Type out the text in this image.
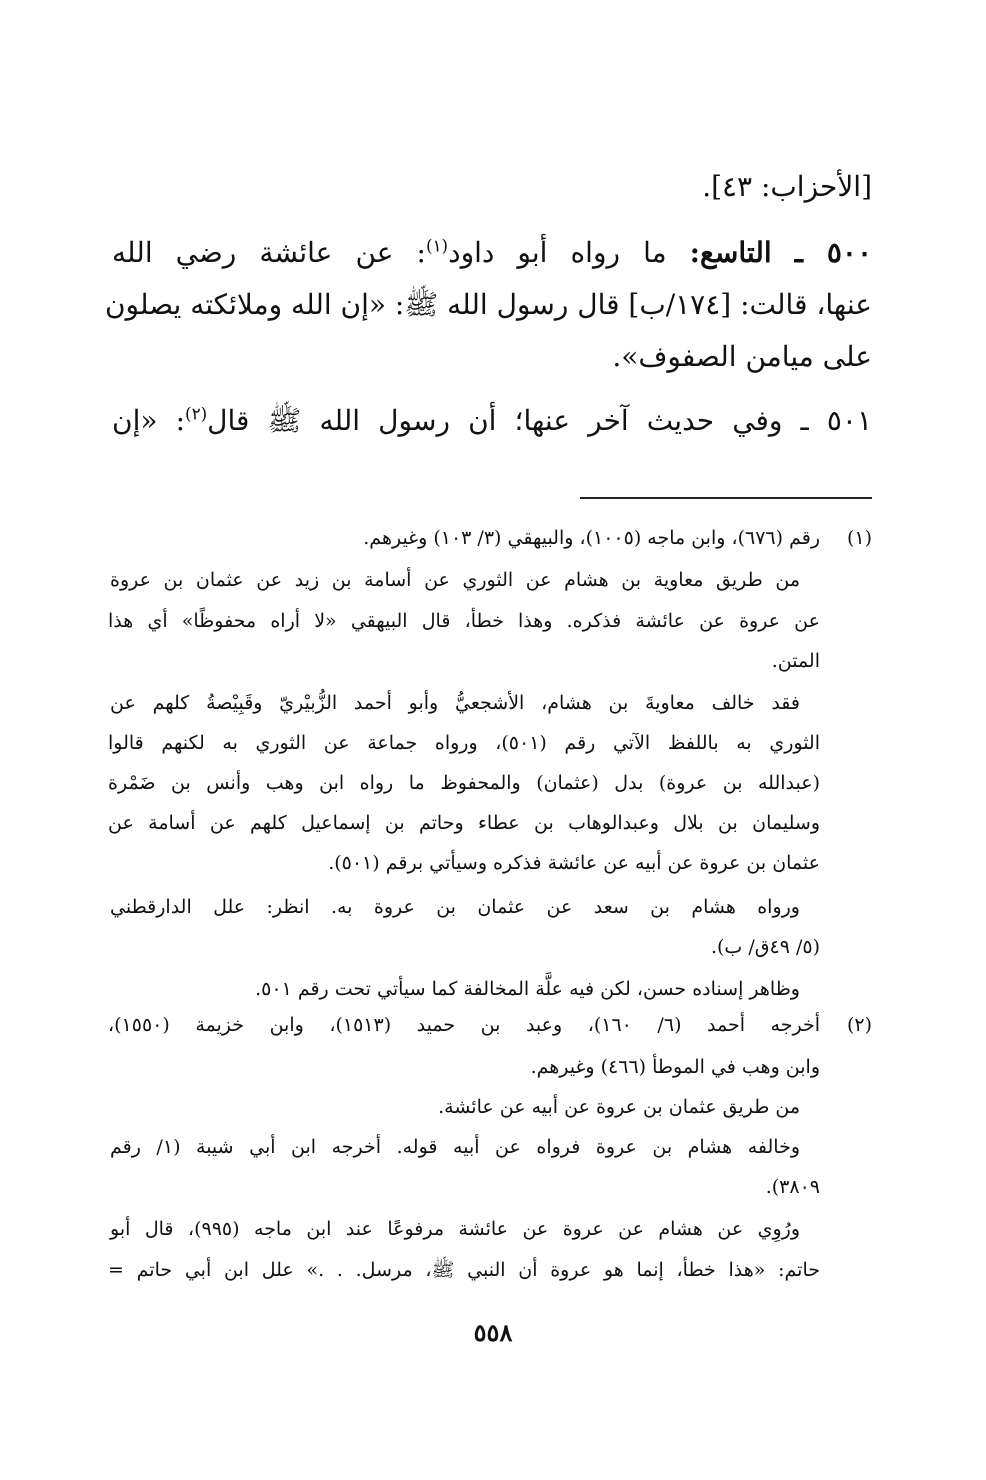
[الأحزاب: ٤٣].
٥٠٠ ـ التاسع: ما رواه أبو داود$^{(١)}$: عن عائشة رضي الله
عنها، قالت: [١٧٤/ب] قال رسول الله ﷺ: «إن الله وملائكته يصلون
على ميامن الصفوف».
٥٠١ ـ وفي حديث آخر عنها؛ أن رسول الله ﷺ قال$^{(٢)}$: «إن
(١)
رقم (٦٧٦)، وابن ماجه (١٠٠٥)، والبيهقي (٣/ ١٠٣) وغيرهم.
من طريق معاوية بن هشام عن الثوري عن أسامة بن زيد عن عثمان بن عروة
عن عروة عن عائشة فذكره. وهذا خطأ، قال البيهقي «لا أراه محفوظًا» أي هذا
المتن.
فقد خالف معاويةَ بن هشام، الأشجعيُّ وأبو أحمد الزُّبيْريّ وقَبِيْصةُ كلهم عن
الثوري به باللفظ الآتي رقم (٥٠١)، ورواه جماعة عن الثوري به لكنهم قالوا
(عبدالله بن عروة) بدل (عثمان) والمحفوظ ما رواه ابن وهب وأنس بن ضَمْرة
وسليمان بن بلال وعبدالوهاب بن عطاء وحاتم بن إسماعيل كلهم عن أسامة عن
عثمان بن عروة عن أبيه عن عائشة فذكره وسيأتي برقم (٥٠١).
ورواه هشام بن سعد عن عثمان بن عروة به. انظر: علل الدارقطني
(٥/ ٤٩ق/ ب).
وظاهر إسناده حسن، لكن فيه علَّة المخالفة كما سيأتي تحت رقم ٥٠١.
(٢)
أخرجه أحمد (٦/ ١٦٠)، وعبد بن حميد (١٥١٣)، وابن خزيمة (١٥٥٠)،
وابن وهب في الموطأ (٤٦٦) وغيرهم.
من طريق عثمان بن عروة عن أبيه عن عائشة.
وخالفه هشام بن عروة فرواه عن أبيه قوله. أخرجه ابن أبي شيبة (١/ رقم
٣٨٠٩).
ورُوِي عن هشام عن عروة عن عائشة مرفوعًا عند ابن ماجه (٩٩٥)، قال أبو
حاتم: «هذا خطأ، إنما هو عروة أن النبي ﷺ، مرسل. . .» علل ابن أبي حاتم =
٥٥٨
